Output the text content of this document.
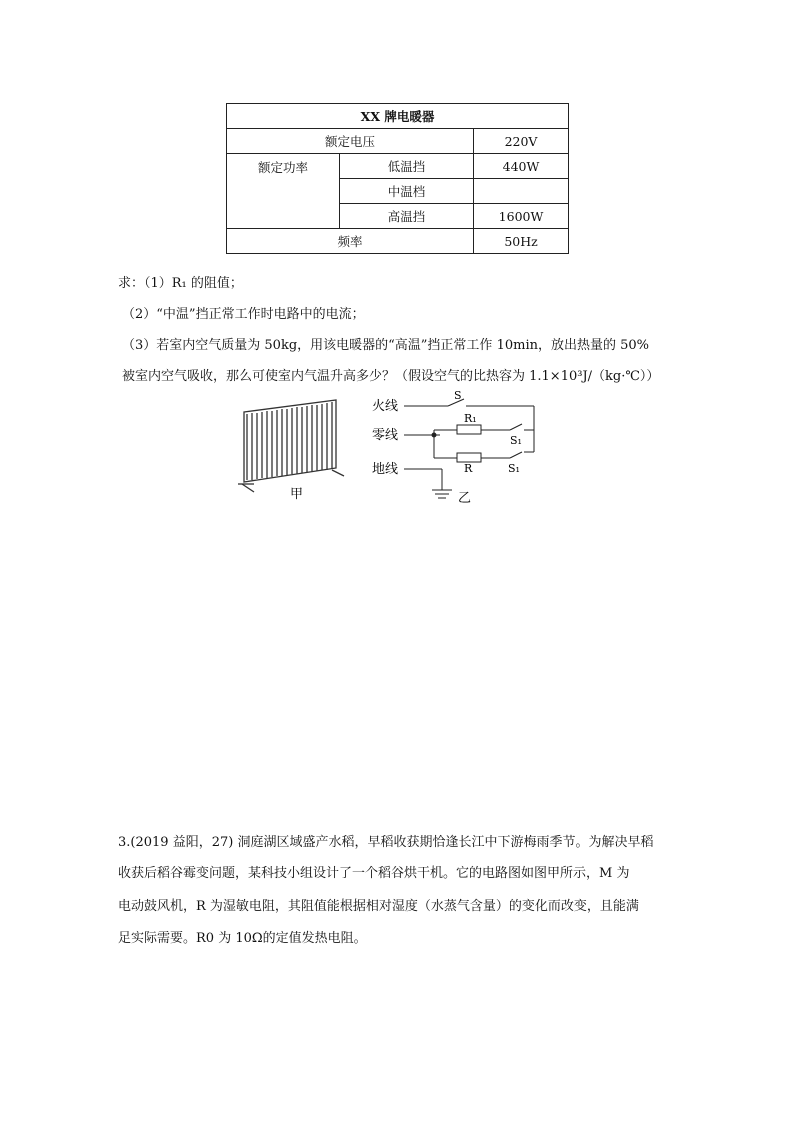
XX 牌电暖器		
额定电压		220V
额定功率	低温挡	440W
	中温档	
	高温挡	1600W
频率		50Hz
求：（1）R₁ 的阻值；
（2）“中温”挡正常工作时电路中的电流；
（3）若室内空气质量为 50kg，用该电暖器的“高温”挡正常工作 10min，放出热量的 50%
被室内空气吸收，那么可使室内气温升高多少？（假设空气的比热容为 1.1×10³J/（kg·℃））
甲
火线
零线
地线
S
R₁
S₁
R	S₁
乙
3.(2019 益阳，27) 洞庭湖区域盛产水稻，早稻收获期恰逢长江中下游梅雨季节。为解决早稻
收获后稻谷霉变问题，某科技小组设计了一个稻谷烘干机。它的电路图如图甲所示，M 为
电动鼓风机，R 为湿敏电阻，其阻值能根据相对湿度（水蒸气含量）的变化而改变，且能满
足实际需要。R0 为 10Ω的定值发热电阻。
